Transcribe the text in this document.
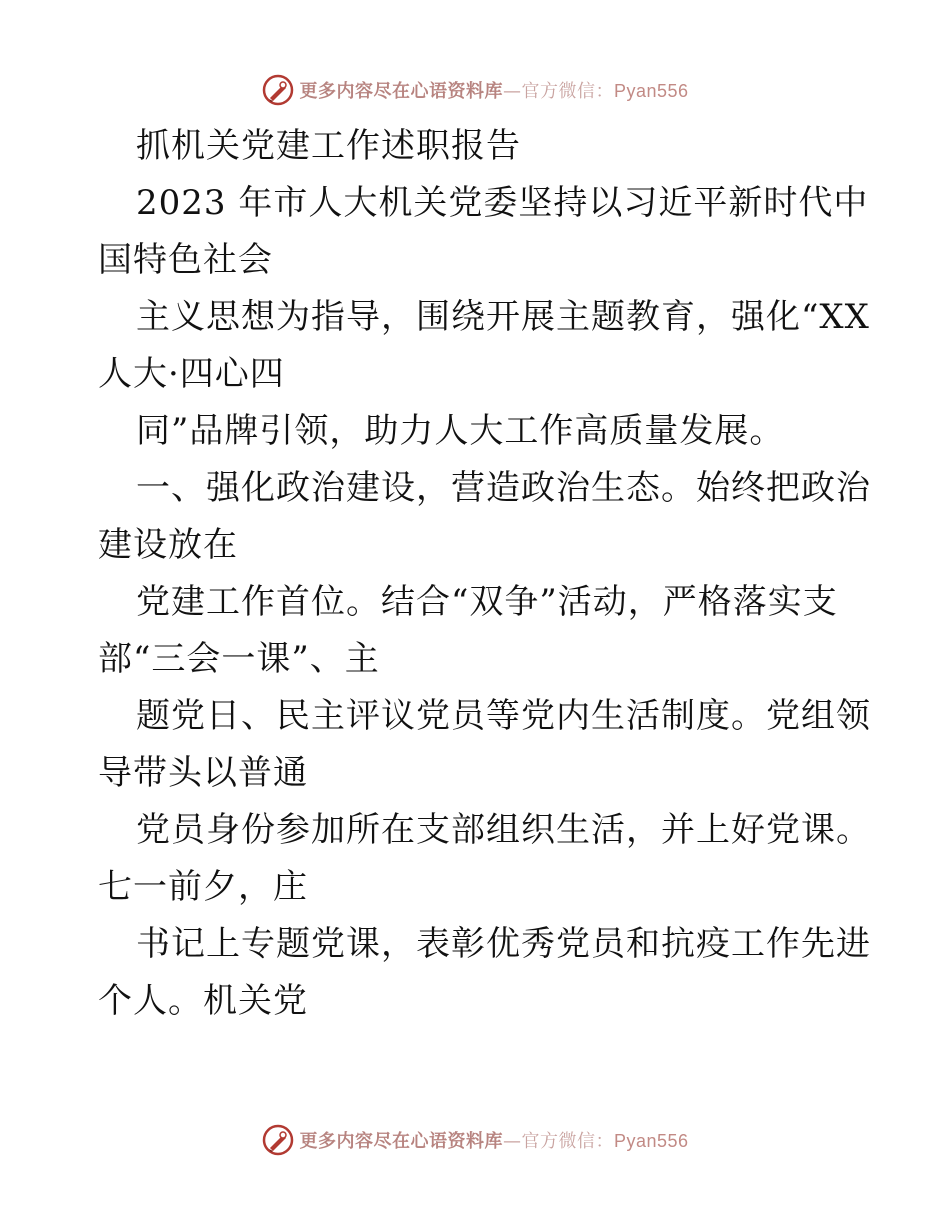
更多内容尽在心语资料库—官方微信：Pyan556
抓机关党建工作述职报告
2023 年市人大机关党委坚持以习近平新时代中
国特色社会
主义思想为指导，围绕开展主题教育，强化“XX
人大·四心四
同”品牌引领，助力人大工作高质量发展。
一、强化政治建设，营造政治生态。始终把政治
建设放在
党建工作首位。结合“双争”活动，严格落实支
部“三会一课”、主
题党日、民主评议党员等党内生活制度。党组领
导带头以普通
党员身份参加所在支部组织生活，并上好党课。
七一前夕，庄
书记上专题党课，表彰优秀党员和抗疫工作先进
个人。机关党
更多内容尽在心语资料库—官方微信：Pyan556
